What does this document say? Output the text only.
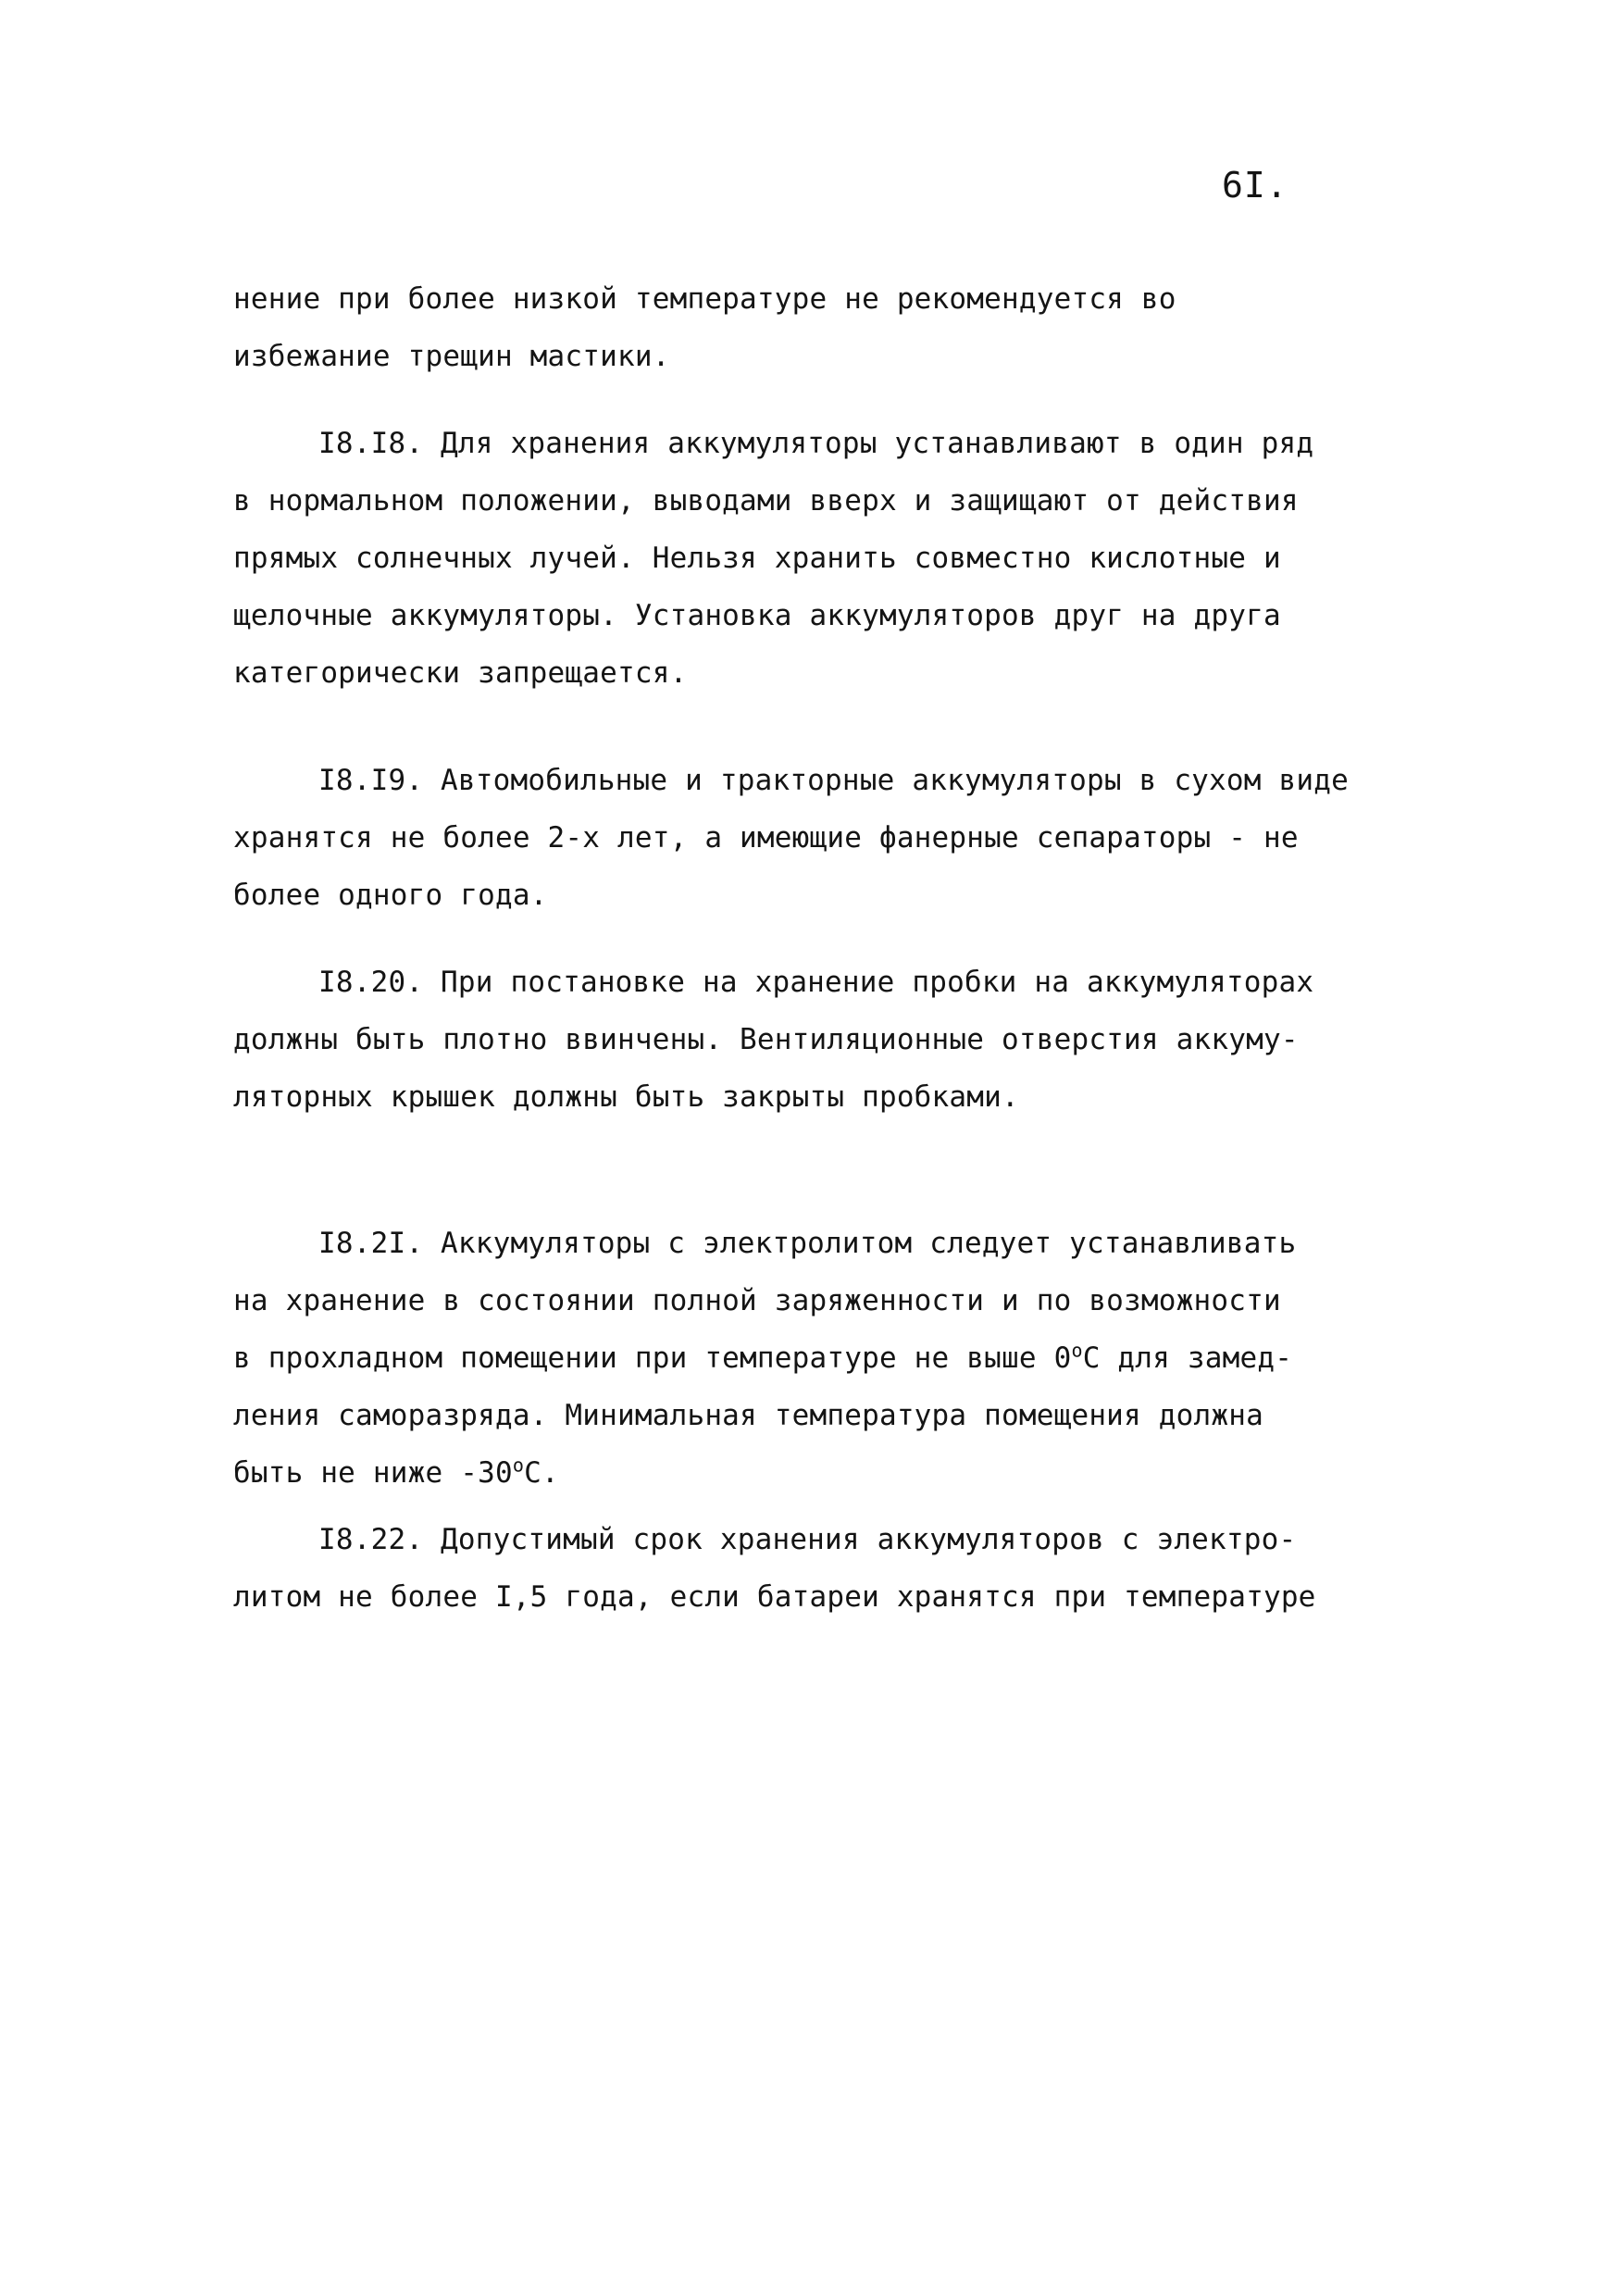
6I.
нение при более низкой температуре не рекомендуется во
избежание трещин мастики.
I8.I8. Для хранения аккумуляторы устанавливают в один ряд
в нормальном положении, выводами вверх и защищают от действия
прямых солнечных лучей. Нельзя хранить совместно кислотные и
щелочные аккумуляторы. Установка аккумуляторов друг на друга
категорически запрещается.
I8.I9. Автомобильные и тракторные аккумуляторы в сухом виде
хранятся не более 2-х лет, а имеющие фанерные сепараторы - не
более одного года.
I8.20. При постановке на хранение пробки на аккумуляторах
должны быть плотно ввинчены. Вентиляционные отверстия аккуму-
ляторных крышек должны быть закрыты пробками.
I8.2I. Аккумуляторы с электролитом следует устанавливать
на хранение в состоянии полной заряженности и по возможности
в прохладном помещении при температуре не выше $0^оС$ для замед-
ления саморазряда. Минимальная температура помещения должна
быть не ниже $-30^оС$.
I8.22. Допустимый срок хранения аккумуляторов с электро-
литом не более I,5 года, если батареи хранятся при температуре
